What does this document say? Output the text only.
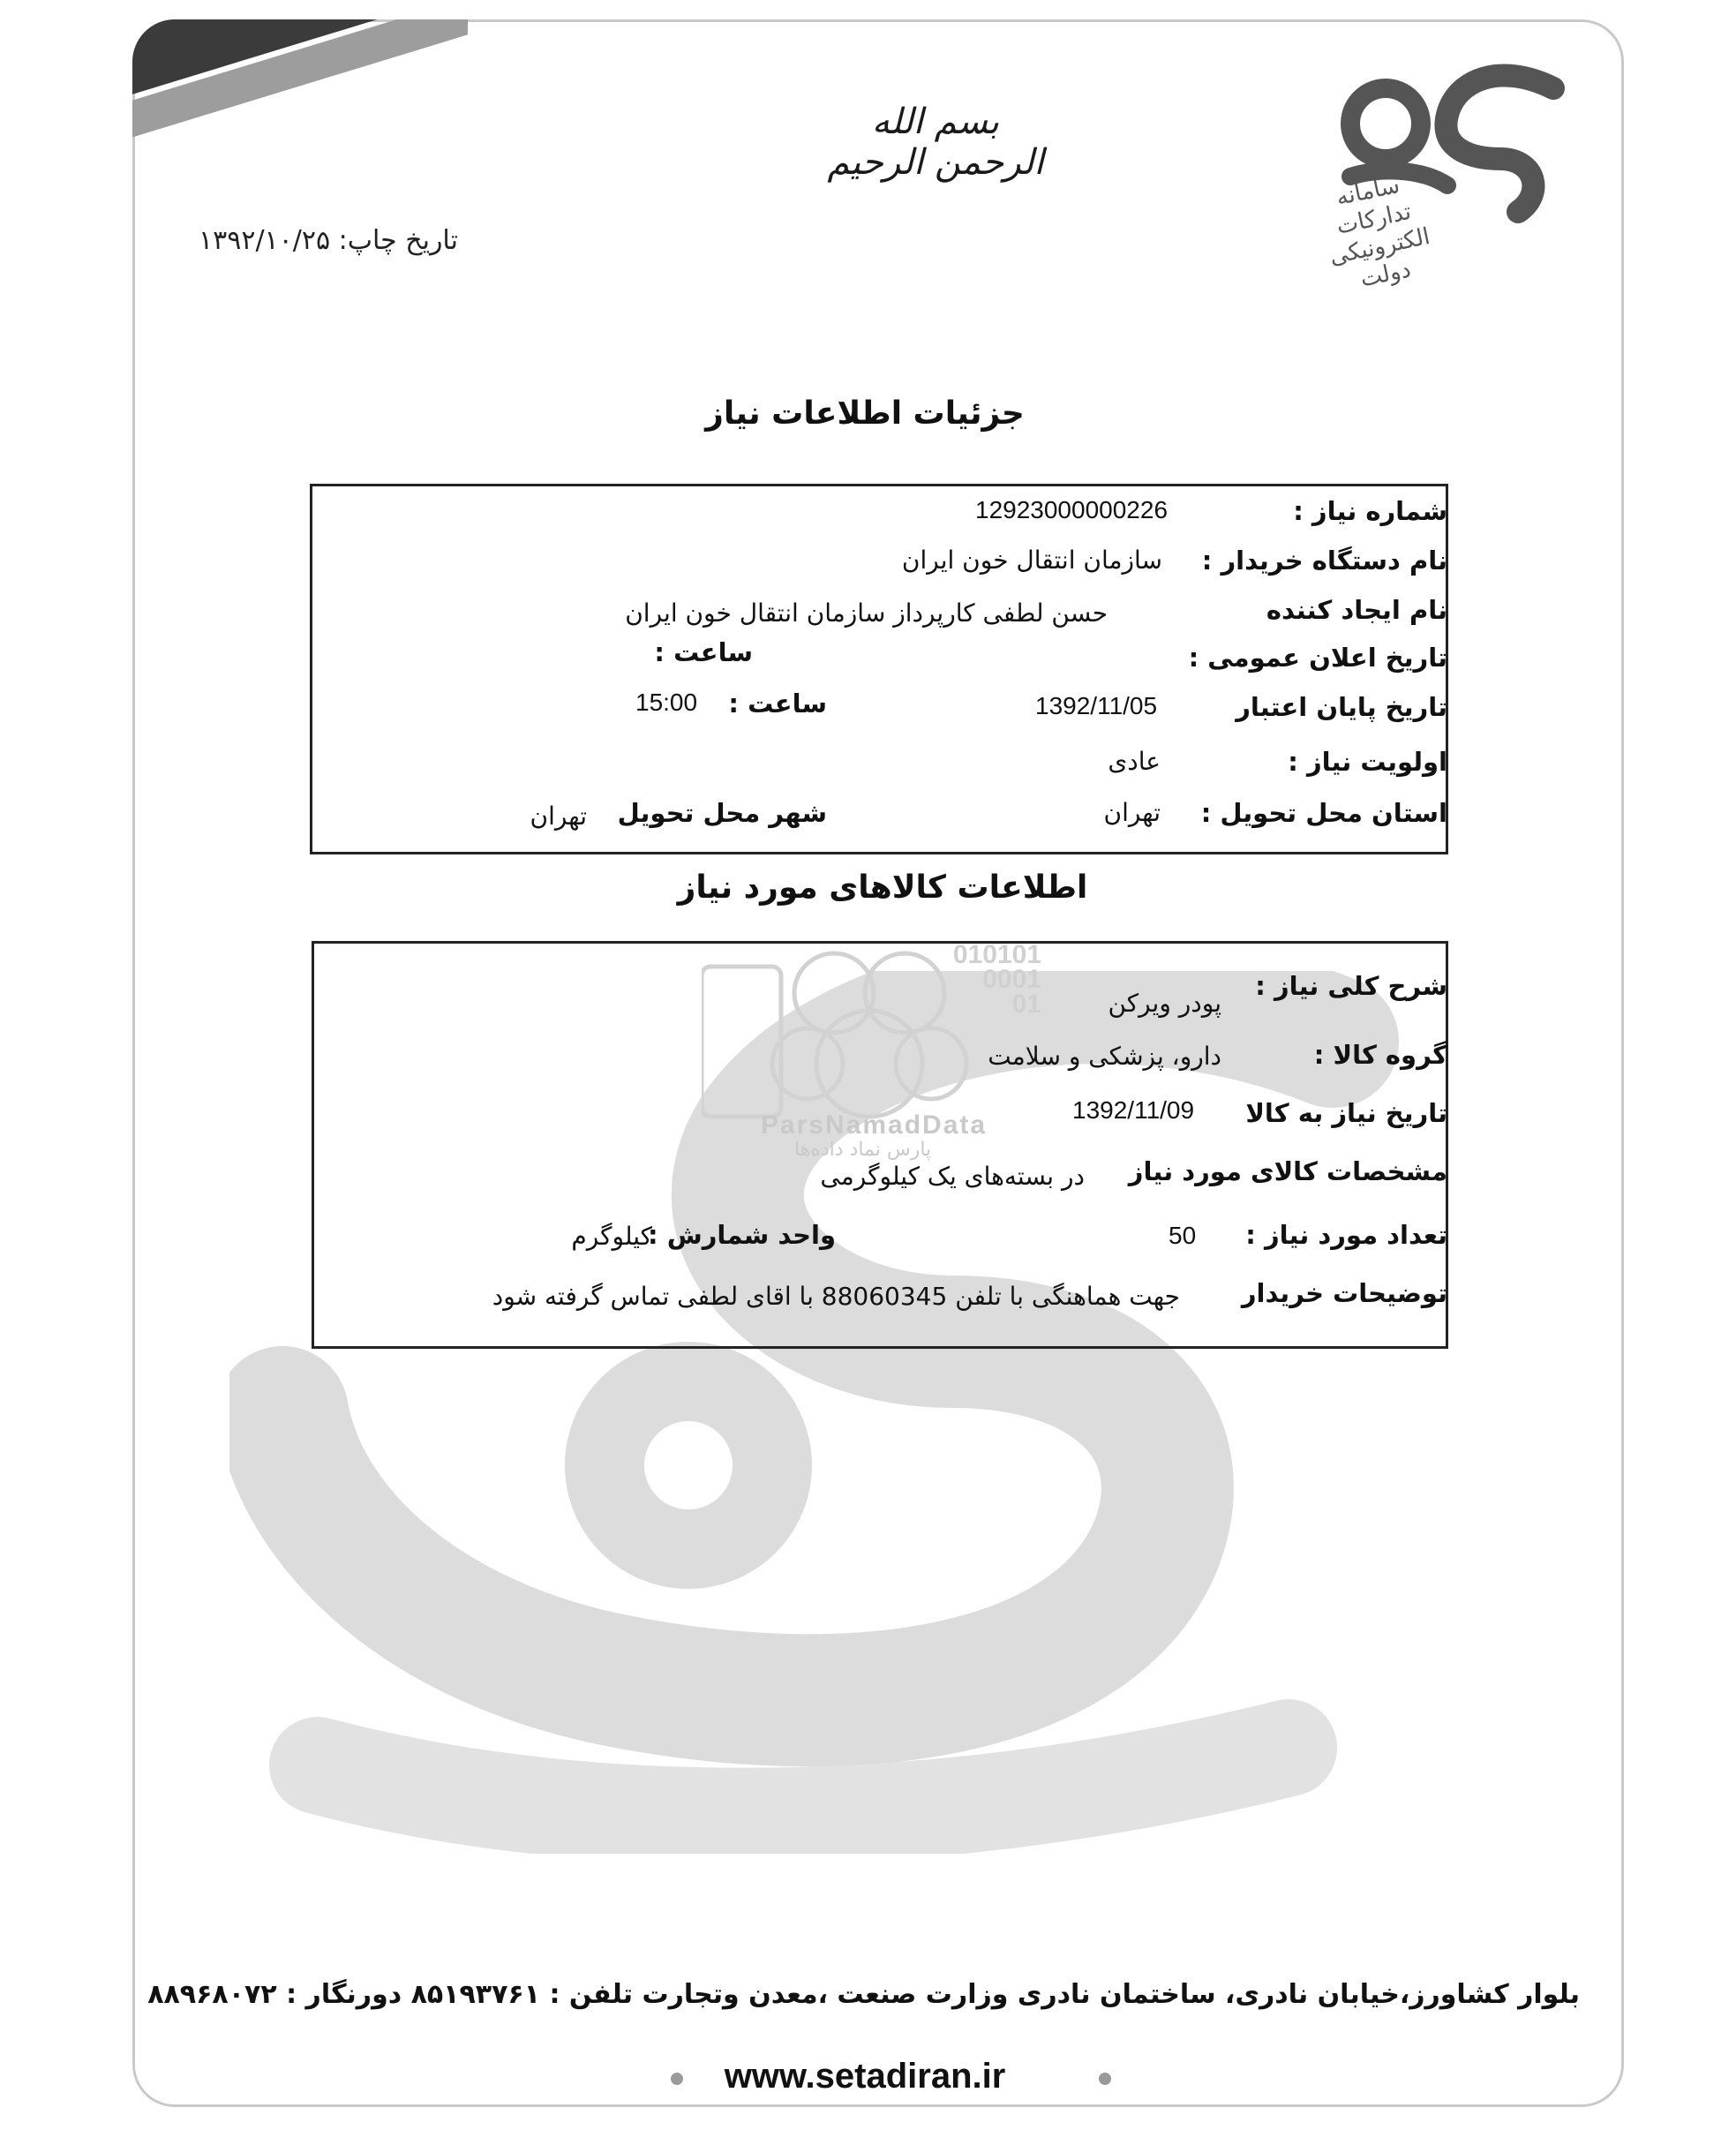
☫
سامانه تدارکات الکترونیکی دولت
بسم الله الرحمن الرحیم
تاریخ چاپ: ۱۳۹۲/۱۰/۲۵
جزئیات اطلاعات نیاز
شماره نیاز :
12923000000226
نام دستگاه خریدار :
سازمان انتقال خون ایران
نام ایجاد کننده
حسن لطفی کارپرداز سازمان انتقال خون ایران
تاریخ اعلان عمومی :
ساعت :
تاریخ پایان اعتبار
1392/11/05
ساعت :
15:00
اولویت نیاز :
عادی
استان محل تحویل :
تهران
شهر محل تحویل
تهران
اطلاعات کالاهای مورد نیاز
010101
0001
01
ParsNamadData
پارس نماد داده‌ها
شرح کلی نیاز :
پودر ویرکن
گروه کالا :
دارو، پزشکی و سلامت
تاریخ نیاز به کالا
1392/11/09
مشخصات کالای مورد نیاز
در بسته‌های یک کیلوگرمی
تعداد مورد نیاز :
50
واحد شمارش :
کیلوگرم
توضیحات خریدار
جهت هماهنگی با تلفن 88060345 با اقای لطفی تماس گرفته شود
بلوار کشاورز،خیابان نادری، ساختمان نادری وزارت صنعت ،معدن وتجارت تلفن : ۸۵۱۹۳۷۶۱ دورنگار : ۸۸۹۶۸۰۷۲
www.setadiran.ir
